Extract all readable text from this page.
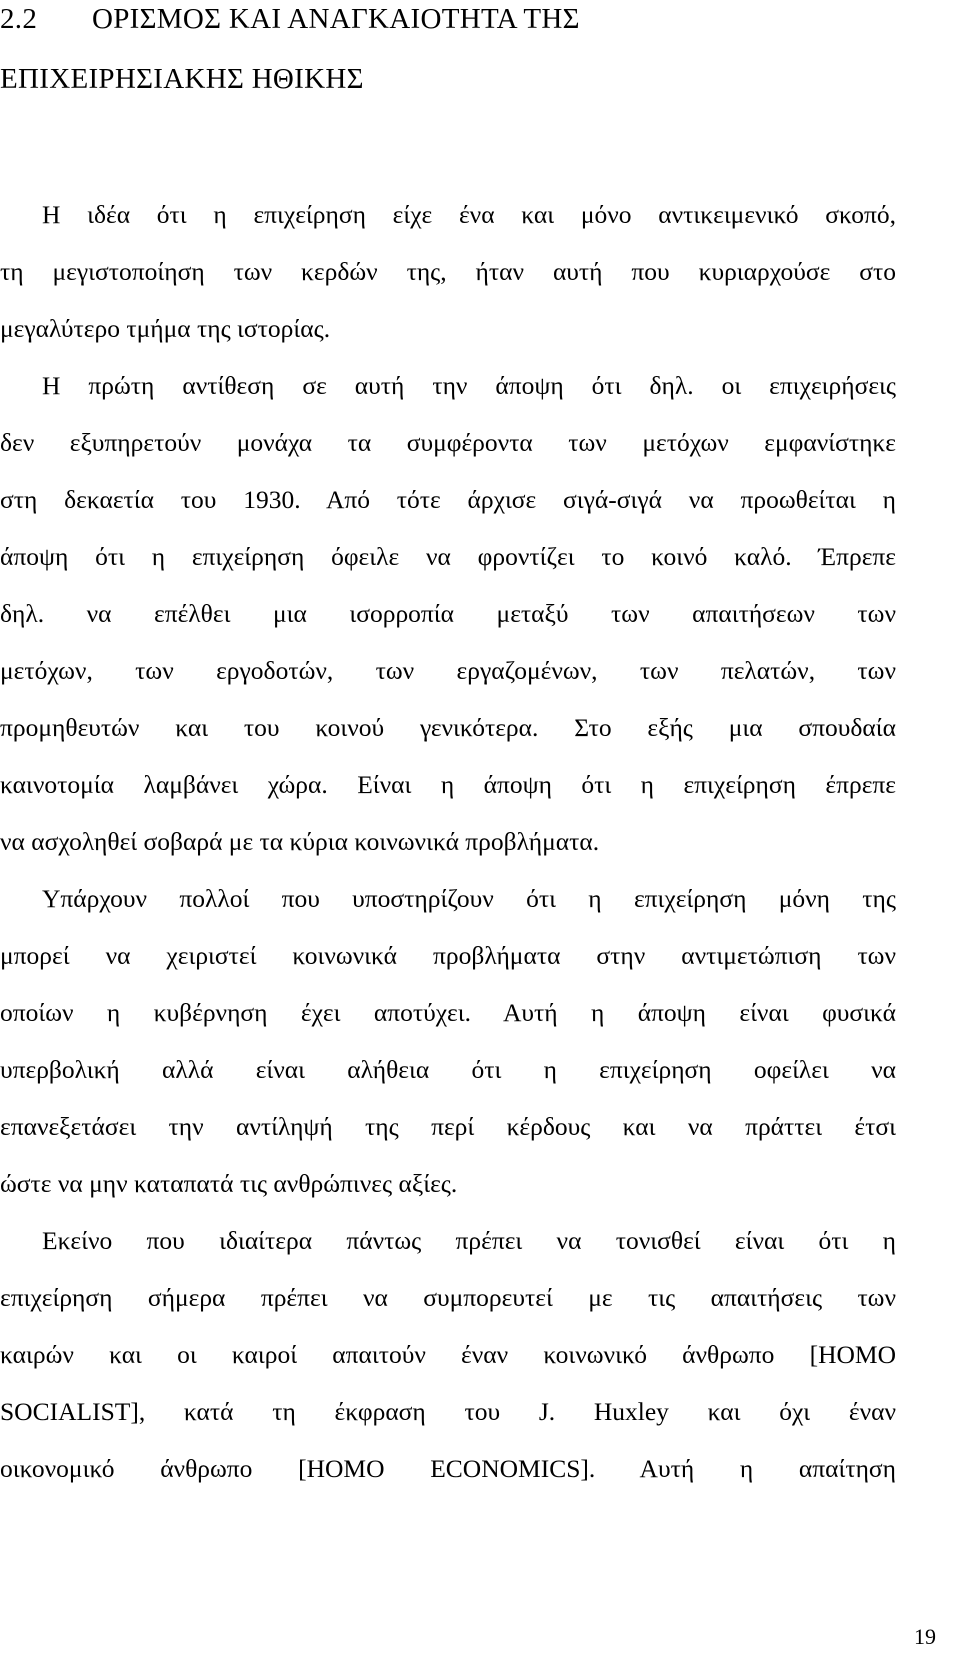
2.2 ΟΡΙΣΜΟΣ ΚΑΙ ΑΝΑΓΚΑΙΟΤΗΤΑ ΤΗΣ
ΕΠΙΧΕΙΡΗΣΙΑΚΗΣ ΗΘΙΚΗΣ
Η ιδέα ότι η επιχείρηση είχε ένα και μόνο αντικειμενικό σκοπό,
τη μεγιστοποίηση των κερδών της, ήταν αυτή που κυριαρχούσε στο
μεγαλύτερο τμήμα της ιστορίας.
Η πρώτη αντίθεση σε αυτή την άποψη ότι δηλ. οι επιχειρήσεις
δεν εξυπηρετούν μονάχα τα συμφέροντα των μετόχων εμφανίστηκε
στη δεκαετία του 1930. Από τότε άρχισε σιγά-σιγά να προωθείται η
άποψη ότι η επιχείρηση όφειλε να φροντίζει το κοινό καλό. Έπρεπε
δηλ. να επέλθει μια ισορροπία μεταξύ των απαιτήσεων των
μετόχων, των εργοδοτών, των εργαζομένων, των πελατών, των
προμηθευτών και του κοινού γενικότερα. Στο εξής μια σπουδαία
καινοτομία λαμβάνει χώρα. Είναι η άποψη ότι η επιχείρηση έπρεπε
να ασχοληθεί σοβαρά με τα κύρια κοινωνικά προβλήματα.
Υπάρχουν πολλοί που υποστηρίζουν ότι η επιχείρηση μόνη της
μπορεί να χειριστεί κοινωνικά προβλήματα στην αντιμετώπιση των
οποίων η κυβέρνηση έχει αποτύχει. Αυτή η άποψη είναι φυσικά
υπερβολική αλλά είναι αλήθεια ότι η επιχείρηση οφείλει να
επανεξετάσει την αντίληψή της περί κέρδους και να πράττει έτσι
ώστε να μην καταπατά τις ανθρώπινες αξίες.
Εκείνο που ιδιαίτερα πάντως πρέπει να τονισθεί είναι ότι η
επιχείρηση σήμερα πρέπει να συμπορευτεί με τις απαιτήσεις των
καιρών και οι καιροί απαιτούν έναν κοινωνικό άνθρωπο [HOMO
SOCIALIST], κατά τη έκφραση του J. Huxley και όχι έναν
οικονομικό άνθρωπο [HOMO ECONOMICS]. Αυτή η απαίτηση
19
